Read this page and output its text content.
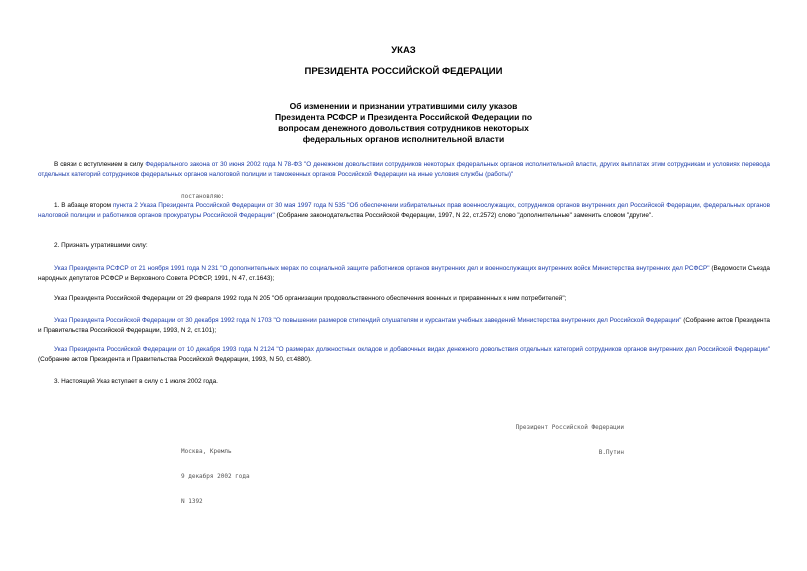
УКАЗ
ПРЕЗИДЕНТА РОССИЙСКОЙ ФЕДЕРАЦИИ
Об изменении и признании утратившими силу указов
Президента РСФСР и Президента Российской Федерации по
вопросам денежного довольствия сотрудников некоторых
федеральных органов исполнительной власти
В связи с вступлением в силу Федерального закона от 30 июня 2002 года N 78-ФЗ "О денежном довольствии сотрудников некоторых федеральных органов исполнительной власти, других выплатах этим сотрудникам и условиях перевода отдельных категорий сотрудников федеральных органов налоговой полиции и таможенных органов Российской Федерации на иные условия службы (работы)"
постановляю:
1. В абзаце втором пункта 2 Указа Президента Российской Федерации от 30 мая 1997 года N 535 "Об обеспечении избирательных прав военнослужащих, сотрудников органов внутренних дел Российской Федерации, федеральных органов налоговой полиции и работников органов прокуратуры Российской Федерации" (Собрание законодательства Российской Федерации, 1997, N 22, ст.2572) слово "дополнительные" заменить словом "другие".
2. Признать утратившими силу:
Указ Президента РСФСР от 21 ноября 1991 года N 231 "О дополнительных мерах по социальной защите работников органов внутренних дел и военнослужащих внутренних войск Министерства внутренних дел РСФСР" (Ведомости Съезда народных депутатов РСФСР и Верховного Совета РСФСР, 1991, N 47, ст.1643);
Указ Президента Российской Федерации от 29 февраля 1992 года N 205 "Об организации продовольственного обеспечения военных и приравненных к ним потребителей";
Указ Президента Российской Федерации от 30 декабря 1992 года N 1703 "О повышении размеров стипендий слушателям и курсантам учебных заведений Министерства внутренних дел Российской Федерации" (Собрание актов Президента и Правительства Российской Федерации, 1993, N 2, ст.101);
Указ Президента Российской Федерации от 10 декабря 1993 года N 2124 "О размерах должностных окладов и добавочных видах денежного довольствия отдельных категорий сотрудников органов внутренних дел Российской Федерации" (Собрание актов Президента и Правительства Российской Федерации, 1993, N 50, ст.4880).
3. Настоящий Указ вступает в силу с 1 июля 2002 года.

Президент Российской Федерации

В.Путин

Москва, Кремль

9 декабря 2002 года

N 1392
